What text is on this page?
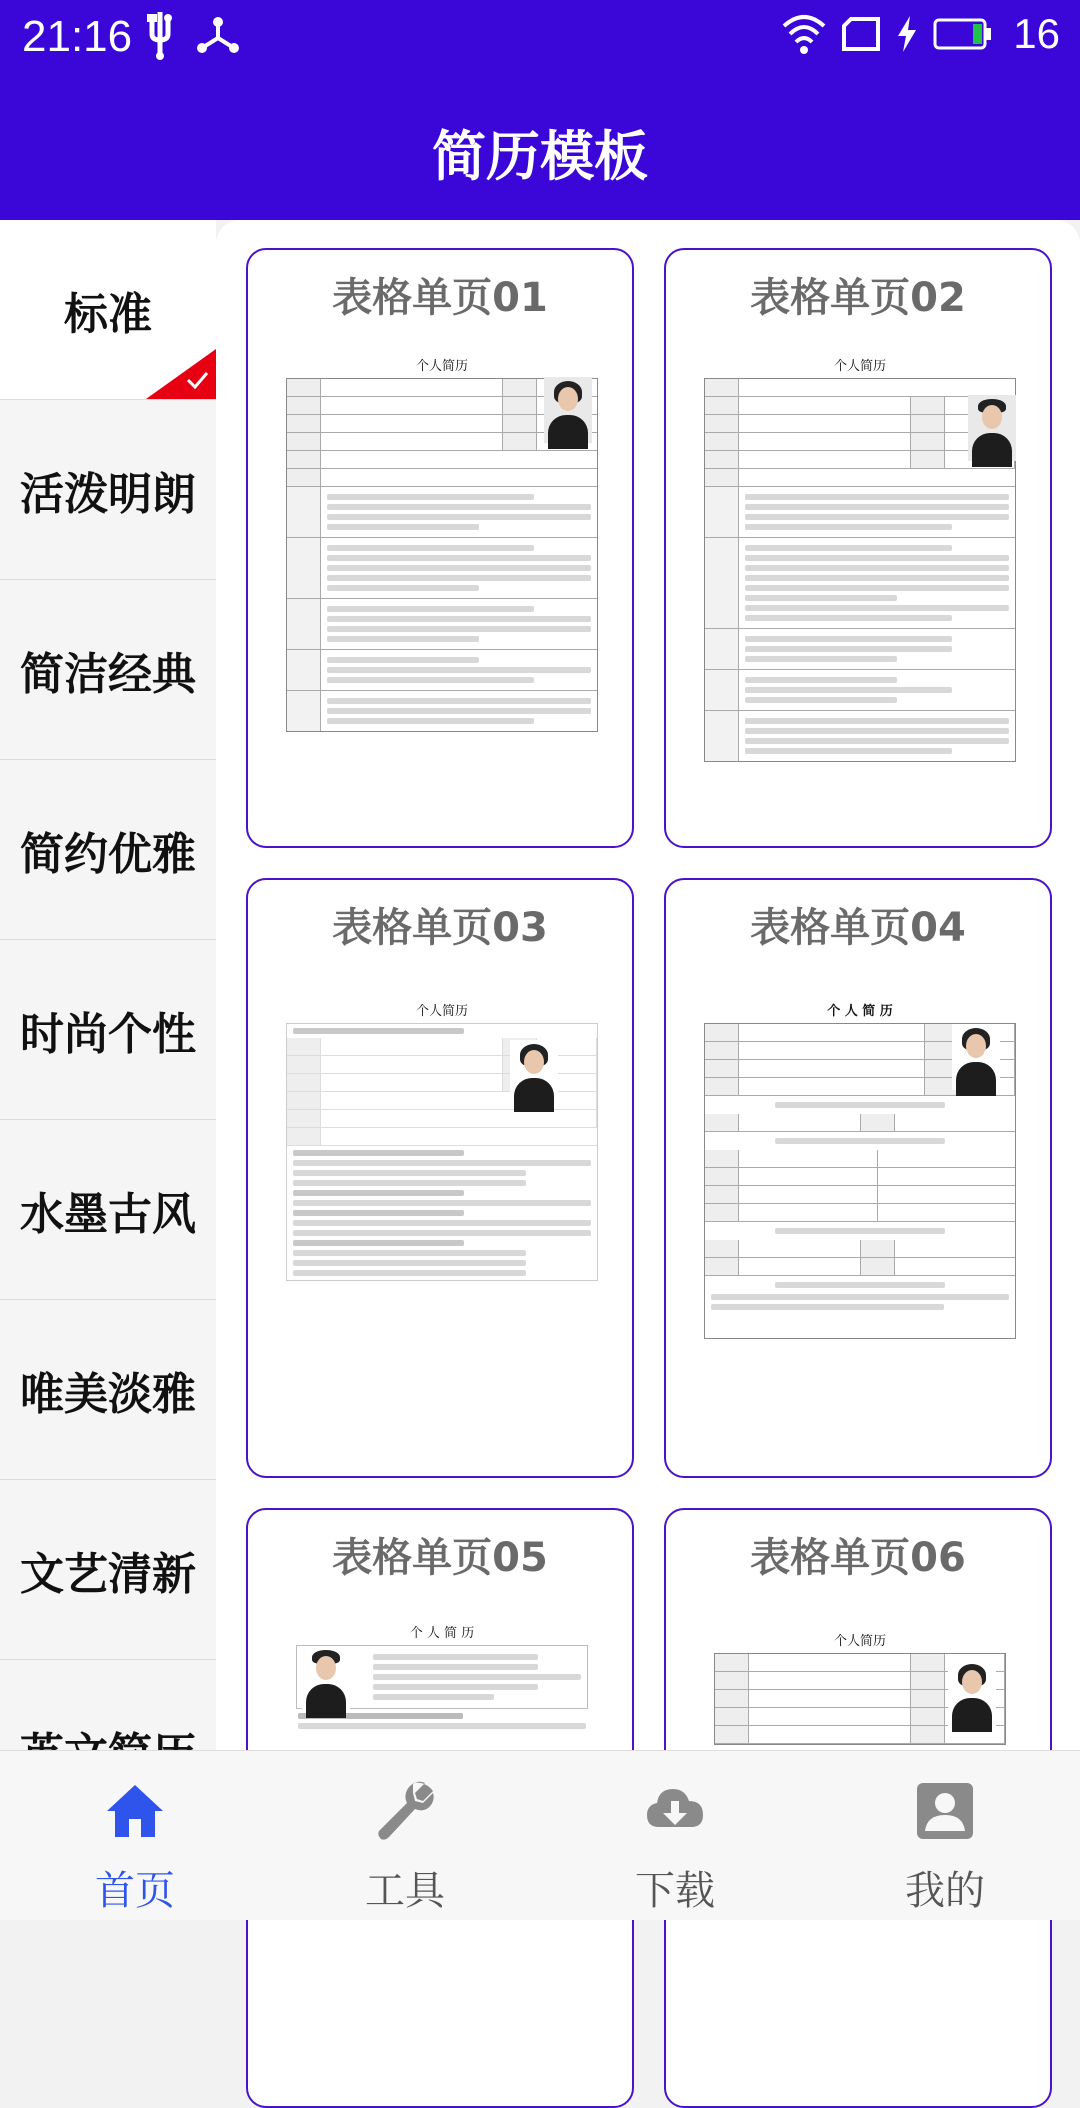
21:16	16
简历模板
标准
活泼明朗
简洁经典
简约优雅
时尚个性
水墨古风
唯美淡雅
文艺清新
表格单页01
个人简历
表格单页02
个人简历
表格单页03
个人简历
表格单页04
个 人 简 历
表格单页05
个 人 简 历
表格单页06
个人简历
首页	工具	下载	我的
